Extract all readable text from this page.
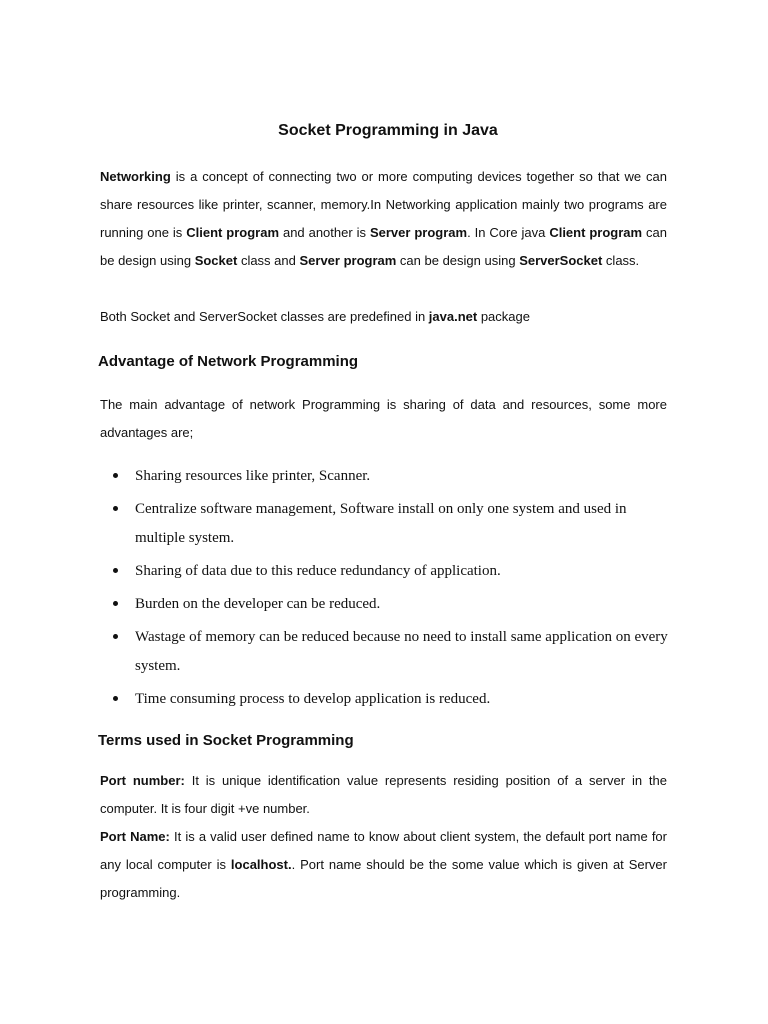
Socket Programming in Java
Networking is a concept of connecting two or more computing devices together so that we can share resources like printer, scanner, memory.In Networking application mainly two programs are running one is Client program and another is Server program. In Core java Client program can be design using Socket class and Server program can be design using ServerSocket class.
Both Socket and ServerSocket classes are predefined in java.net package
Advantage of Network Programming
The main advantage of network Programming is sharing of data and resources, some more advantages are;
Sharing resources like printer, Scanner.
Centralize software management, Software install on only one system and used in multiple system.
Sharing of data due to this reduce redundancy of application.
Burden on the developer can be reduced.
Wastage of memory can be reduced because no need to install same application on every system.
Time consuming process to develop application is reduced.
Terms used in Socket Programming
Port number: It is unique identification value represents residing position of a server in the computer. It is four digit +ve number.
Port Name: It is a valid user defined name to know about client system, the default port name for any local computer is localhost.. Port name should be the some value which is given at Server programming.
